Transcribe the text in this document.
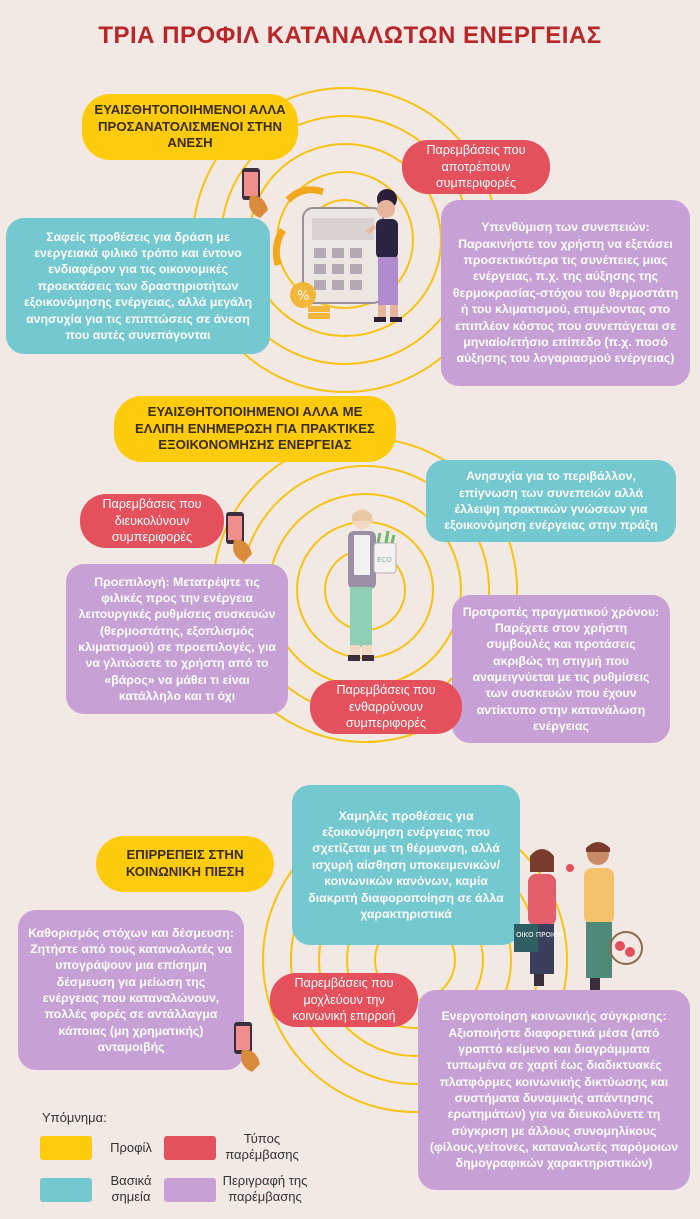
ΤΡΙΑ ΠΡΟΦΙΛ ΚΑΤΑΝΑΛΩΤΩΝ ΕΝΕΡΓΕΙΑΣ
ΕΥΑΙΣΘΗΤΟΠΟΙΗΜΕΝΟΙ ΑΛΛΑ ΠΡΟΣΑΝΑΤΟΛΙΣΜΕΝΟΙ ΣΤΗΝ ΑΝΕΣΗ	Παρεμβάσεις που αποτρέπουν συμπεριφορές
Σαφείς προθέσεις για δράση με ενεργειακά φιλικό τρόπο και έντονο ενδιαφέρον για τις οικονομικές προεκτάσεις των δραστηριοτήτων εξοικονόμησης ενέργειας, αλλά μεγάλη ανησυχία για τις επιπτώσεις σε άνεση που αυτές συνεπάγονται
Υπενθύμιση των συνεπειών: Παρακινήστε τον χρήστη να εξετάσει προσεκτικότερα τις συνέπειες μιας ενέργειας, π.χ. της αύξησης της θερμοκρασίας-στόχου του θερμοστάτη ή του κλιματισμού, επιμένοντας στο επιπλέον κόστος που συνεπάγεται σε μηνιαίο/ετήσιο επίπεδο (π.χ. ποσό αύξησης του λογαριασμού ενέργειας)
%
ΕΥΑΙΣΘΗΤΟΠΟΙΗΜΕΝΟΙ ΑΛΛΑ ΜΕ ΕΛΛΙΠΗ ΕΝΗΜΕΡΩΣΗ ΓΙΑ ΠΡΑΚΤΙΚΕΣ ΕΞΟΙΚΟΝΟΜΗΣΗΣ ΕΝΕΡΓΕΙΑΣ
Ανησυχία για το περιβάλλον, επίγνωση των συνεπειών αλλά έλλειψη πρακτικών γνώσεων για εξοικονόμηση ενέργειας στην πράξη
Παρεμβάσεις που διευκολύνουν συμπεριφορές
Προεπιλογή: Μετατρέψτε τις φιλικές προς την ενέργεια λειτουργικές ρυθμίσεις συσκευών (θερμοστάτης, εξοπλισμός κλιματισμού) σε προεπιλογές, για να γλιτώσετε το χρήστη από το «βάρος» να μάθει τι είναι κατάλληλο και τι όχι
Προτροπές πραγματικού χρόνου: Παρέχετε στον χρήστη συμβουλές και προτάσεις ακριβώς τη στιγμή που αναμειγνύεται με τις ρυθμίσεις των συσκευών που έχουν αντίκτυπο στην κατανάλωση ενέργειας
Παρεμβάσεις που ενθαρρύνουν συμπεριφορές
ECO
Χαμηλές προθέσεις για εξοικονόμηση ενέργειας που σχετίζεται με τη θέρμανση, αλλά ισχυρή αίσθηση υποκειμενικών/κοινωνικών κανόνων, καμία διακριτή διαφοροποίηση σε άλλα χαρακτηριστικά
ΕΠΙΡΡΕΠΕΙΣ ΣΤΗΝ ΚΟΙΝΩΝΙΚΗ ΠΙΕΣΗ
Καθορισμός στόχων και δέσμευση: Ζητήστε από τους καταναλωτές να υπογράψουν μια επίσημη δέσμευση για μείωση της ενέργειας που καταναλώνουν, πολλές φορές σε αντάλλαγμα κάποιας (μη χρηματικής) ανταμοιβής
Παρεμβάσεις που μοχλεύουν την κοινωνική επιρροή	Ενεργοποίηση κοινωνικής σύγκρισης: Αξιοποιήστε διαφορετικά μέσα (από γραπτό κείμενο και διαγράμματα τυπωμένα σε χαρτί έως διαδικτυακές πλατφόρμες κοινωνικής δικτύωσης και συστήματα δυναμικής απάντησης ερωτημάτων) για να διευκολύνετε τη σύγκριση με άλλους συνομηλίκους (φίλους,γείτονες, καταναλωτές παρόμοιων δημογραφικών χαρακτηριστικών)
ΟΙΚΟ ΠΡΟΙΟΝ
Υπόμνημα:
Προφίλ
Τύπος παρέμβασης
Βασικά σημεία
Περιγραφή της παρέμβασης
